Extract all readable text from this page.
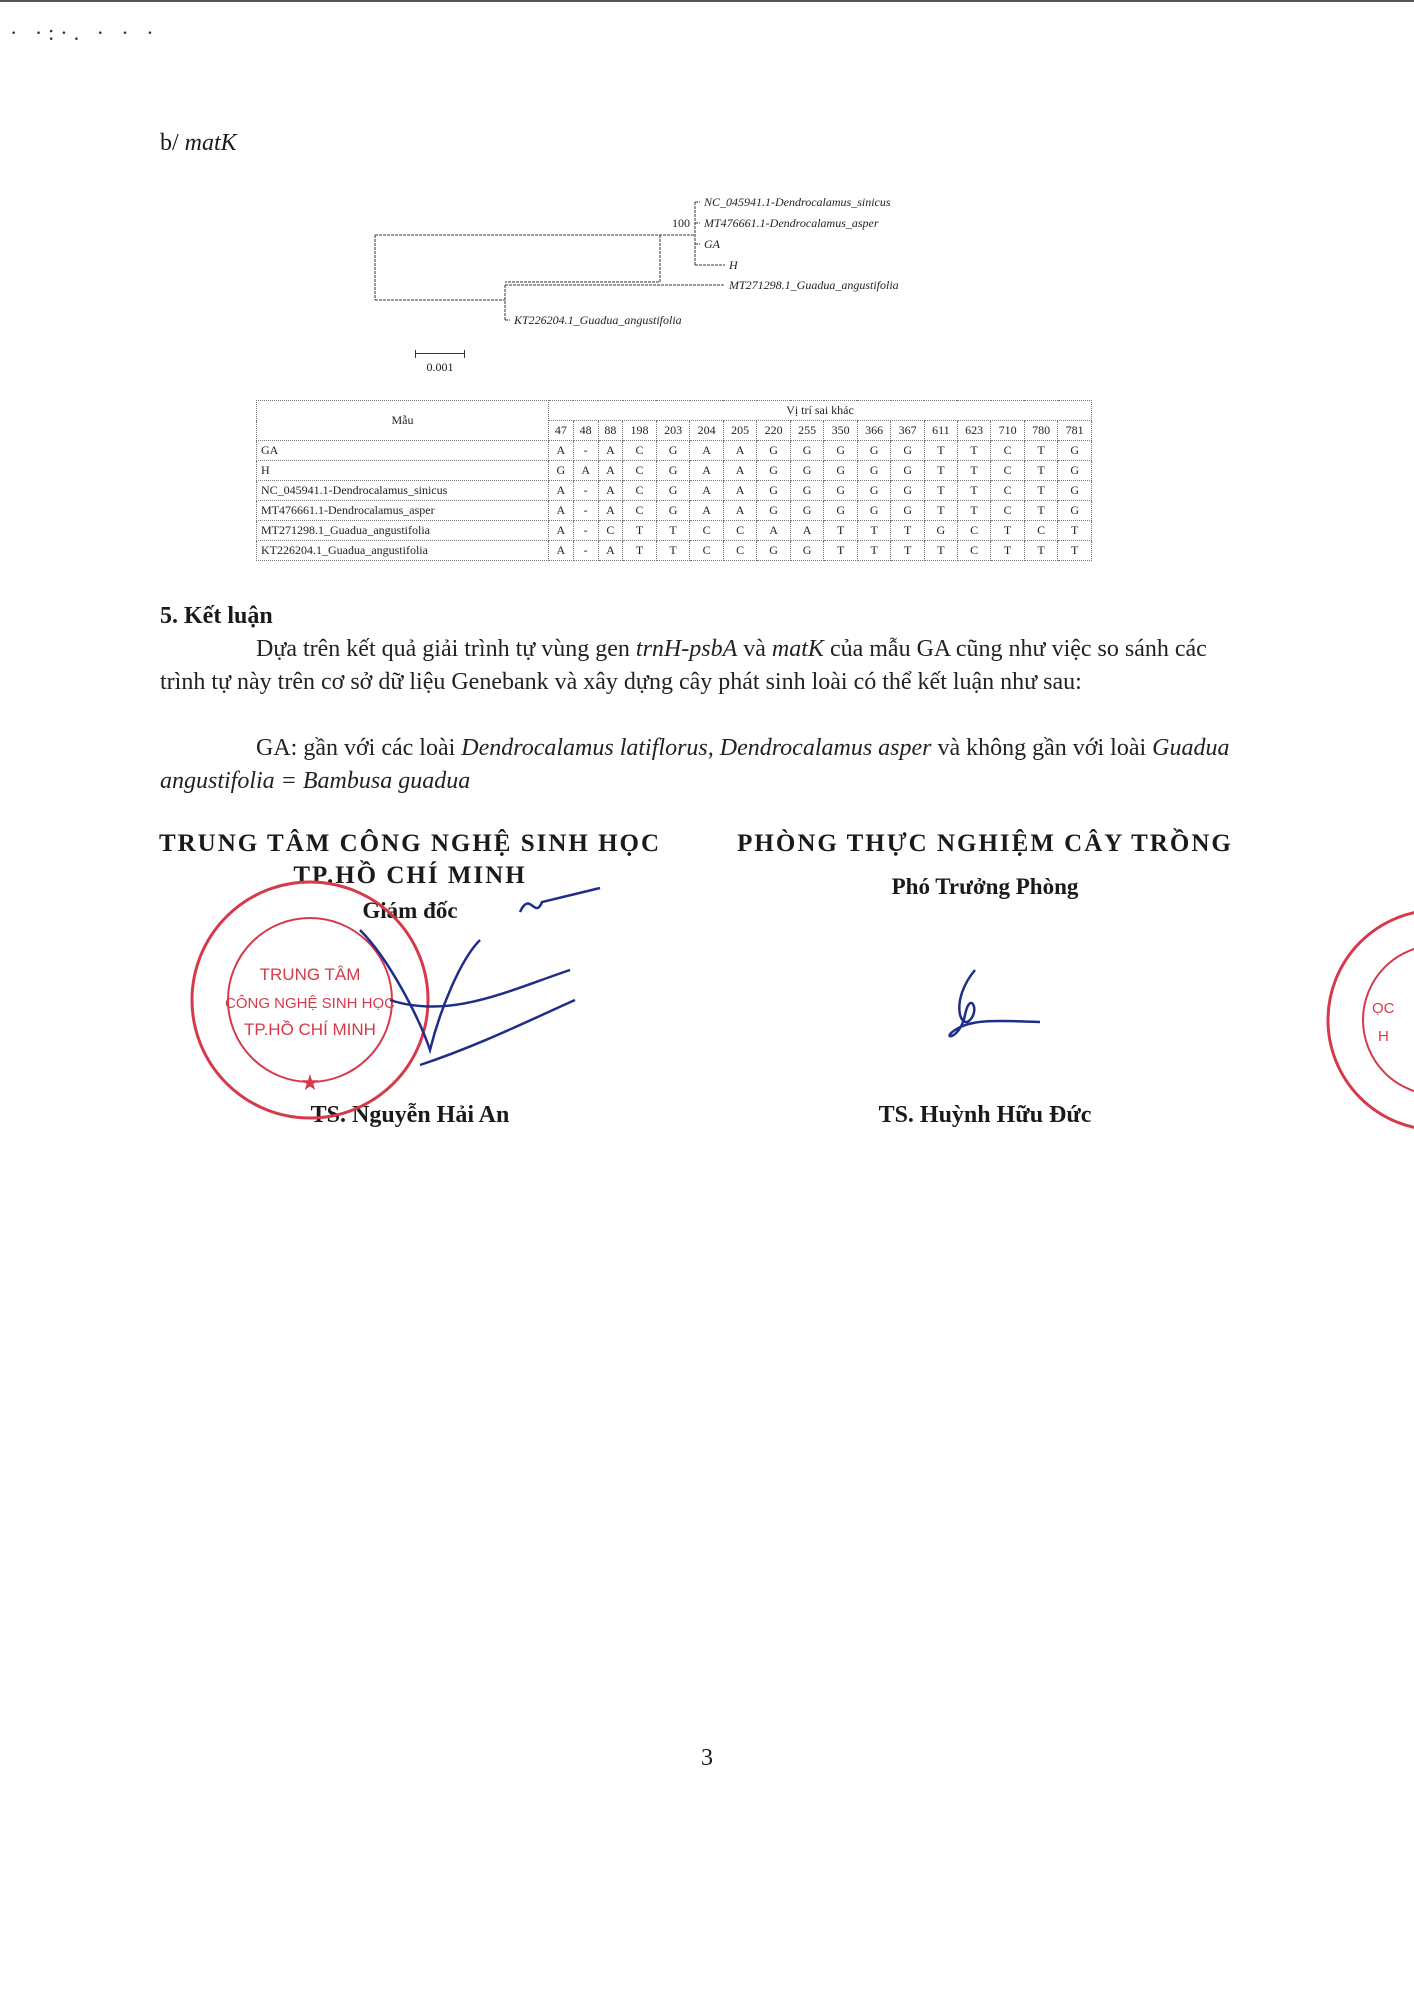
· ·:·. · · ·
b/ matK
NC_045941.1-Dendrocalamus_sinicus
MT476661.1-Dendrocalamus_asper
GA
H
MT271298.1_Guadua_angustifolia
KT226204.1_Guadua_angustifolia
100
0.001
Mẫu	Vị trí sai khác																
	47	48	88	198	203	204	205	220	255	350	366	367	611	623	710	780	781
GA	A	-	A	C	G	A	A	G	G	G	G	G	T	T	C	T	G
H	G	A	A	C	G	A	A	G	G	G	G	G	T	T	C	T	G
NC_045941.1-Dendrocalamus_sinicus	A	-	A	C	G	A	A	G	G	G	G	G	T	T	C	T	G
MT476661.1-Dendrocalamus_asper	A	-	A	C	G	A	A	G	G	G	G	G	T	T	C	T	G
MT271298.1_Guadua_angustifolia	A	-	C	T	T	C	C	A	A	T	T	T	G	C	T	C	T
KT226204.1_Guadua_angustifolia	A	-	A	T	T	C	C	G	G	T	T	T	T	C	T	T	T
5. Kết luận
Dựa trên kết quả giải trình tự vùng gen trnH-psbA và matK của mẫu GA cũng như việc so sánh các trình tự này trên cơ sở dữ liệu Genebank và xây dựng cây phát sinh loài có thể kết luận như sau:
GA: gần với các loài Dendrocalamus latiflorus, Dendrocalamus asper và không gần với loài Guadua angustifolia = Bambusa guadua
TRUNG TÂM CÔNG NGHỆ SINH HỌC
TP.HỒ CHÍ MINH
Giám đốc
PHÒNG THỰC NGHIỆM CÂY TRỒNG
Phó Trưởng Phòng
TS. Nguyễn Hải An	TS. Huỳnh Hữu Đức
TRUNG TÂM
CÔNG NGHỆ SINH HỌC
TP.HỒ CHÍ MINH
★
ỌC
H
3
